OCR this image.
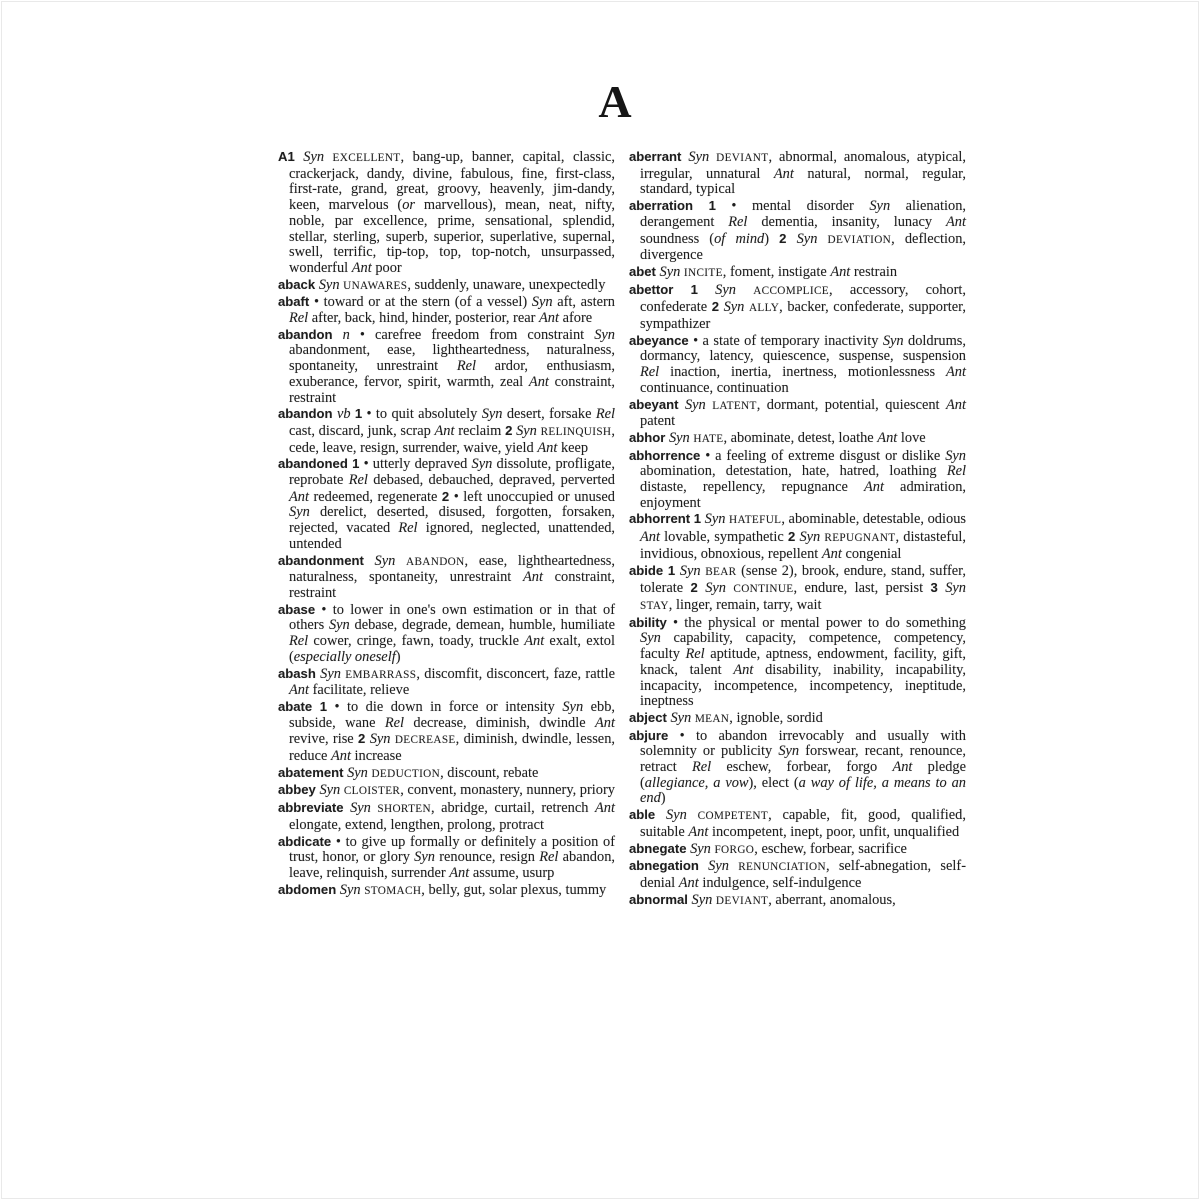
A

A1 Syn EXCELLENT, bang-up, banner, capital, classic, crackerjack, dandy, divine, fabulous, fine, first-class, first-rate, grand, great, groovy, heavenly, jim-dandy, keen, marvelous (or marvellous), mean, neat, nifty, noble, par excellence, prime, sensational, splendid, stellar, sterling, superb, superior, superlative, supernal, swell, terrific, tip-top, top, top-notch, unsurpassed, wonderful Ant poor

aback Syn UNAWARES, suddenly, unaware, unexpectedly

abaft • toward or at the stern (of a vessel) Syn aft, astern Rel after, back, hind, hinder, posterior, rear Ant afore

abandon n • carefree freedom from constraint Syn abandonment, ease, lightheartedness, naturalness, spontaneity, unrestraint Rel ardor, enthusiasm, exuberance, fervor, spirit, warmth, zeal Ant constraint, restraint

abandon vb 1 • to quit absolutely Syn desert, forsake Rel cast, discard, junk, scrap Ant reclaim 2 Syn RELINQUISH, cede, leave, resign, surrender, waive, yield Ant keep

abandoned 1 • utterly depraved Syn dissolute, profligate, reprobate Rel debased, debauched, depraved, perverted Ant redeemed, regenerate 2 • left unoccupied or unused Syn derelict, deserted, disused, forgotten, forsaken, rejected, vacated Rel ignored, neglected, unattended, untended

abandonment Syn ABANDON, ease, lightheartedness, naturalness, spontaneity, unrestraint Ant constraint, restraint

abase • to lower in one's own estimation or in that of others Syn debase, degrade, demean, humble, humiliate Rel cower, cringe, fawn, toady, truckle Ant exalt, extol (especially oneself)

abash Syn EMBARRASS, discomfit, disconcert, faze, rattle Ant facilitate, relieve

abate 1 • to die down in force or intensity Syn ebb, subside, wane Rel decrease, diminish, dwindle Ant revive, rise 2 Syn DECREASE, diminish, dwindle, lessen, reduce Ant increase

abatement Syn DEDUCTION, discount, rebate

abbey Syn CLOISTER, convent, monastery, nunnery, priory

abbreviate Syn SHORTEN, abridge, curtail, retrench Ant elongate, extend, lengthen, prolong, protract

abdicate • to give up formally or definitely a position of trust, honor, or glory Syn renounce, resign Rel abandon, leave, relinquish, surrender Ant assume, usurp

abdomen Syn STOMACH, belly, gut, solar plexus, tummy

aberrant Syn DEVIANT, abnormal, anomalous, atypical, irregular, unnatural Ant natural, normal, regular, standard, typical

aberration 1 • mental disorder Syn alienation, derangement Rel dementia, insanity, lunacy Ant soundness (of mind) 2 Syn DEVIATION, deflection, divergence

abet Syn INCITE, foment, instigate Ant restrain

abettor 1 Syn ACCOMPLICE, accessory, cohort, confederate 2 Syn ALLY, backer, confederate, supporter, sympathizer

abeyance • a state of temporary inactivity Syn doldrums, dormancy, latency, quiescence, suspense, suspension Rel inaction, inertia, inertness, motionlessness Ant continuance, continuation

abeyant Syn LATENT, dormant, potential, quiescent Ant patent

abhor Syn HATE, abominate, detest, loathe Ant love

abhorrence • a feeling of extreme disgust or dislike Syn abomination, detestation, hate, hatred, loathing Rel distaste, repellency, repugnance Ant admiration, enjoyment

abhorrent 1 Syn HATEFUL, abominable, detestable, odious Ant lovable, sympathetic 2 Syn REPUGNANT, distasteful, invidious, obnoxious, repellent Ant congenial

abide 1 Syn BEAR (sense 2), brook, endure, stand, suffer, tolerate 2 Syn CONTINUE, endure, last, persist 3 Syn STAY, linger, remain, tarry, wait

ability • the physical or mental power to do something Syn capability, capacity, competence, competency, faculty Rel aptitude, aptness, endowment, facility, gift, knack, talent Ant disability, inability, incapability, incapacity, incompetence, incompetency, ineptitude, ineptness

abject Syn MEAN, ignoble, sordid

abjure • to abandon irrevocably and usually with solemnity or publicity Syn forswear, recant, renounce, retract Rel eschew, forbear, forgo Ant pledge (allegiance, a vow), elect (a way of life, a means to an end)

able Syn COMPETENT, capable, fit, good, qualified, suitable Ant incompetent, inept, poor, unfit, unqualified

abnegate Syn FORGO, eschew, forbear, sacrifice

abnegation Syn RENUNCIATION, self-abnegation, self-denial Ant indulgence, self-indulgence

abnormal Syn DEVIANT, aberrant, anomalous,
